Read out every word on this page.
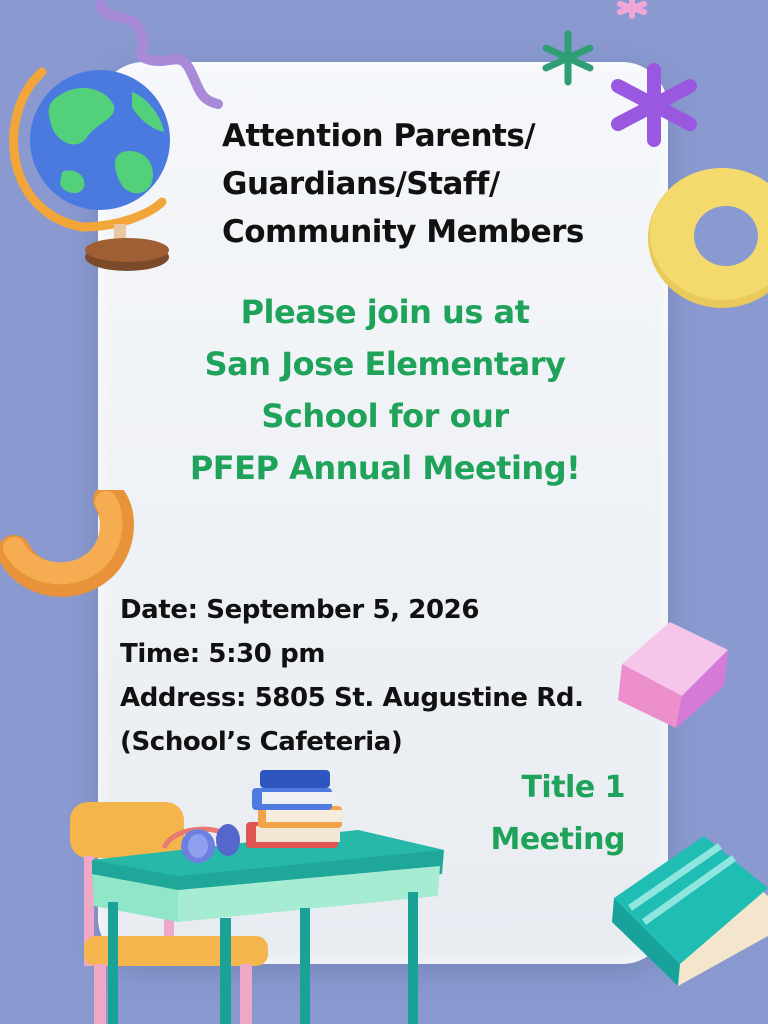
Attention Parents/
Guardians/Staff/
Community Members
Please join us at
San Jose Elementary
School for our
PFEP Annual Meeting!
Date: September 5, 2026
Time: 5:30 pm
Address: 5805 St. Augustine Rd.
(School’s Cafeteria)
Title 1
Meeting
